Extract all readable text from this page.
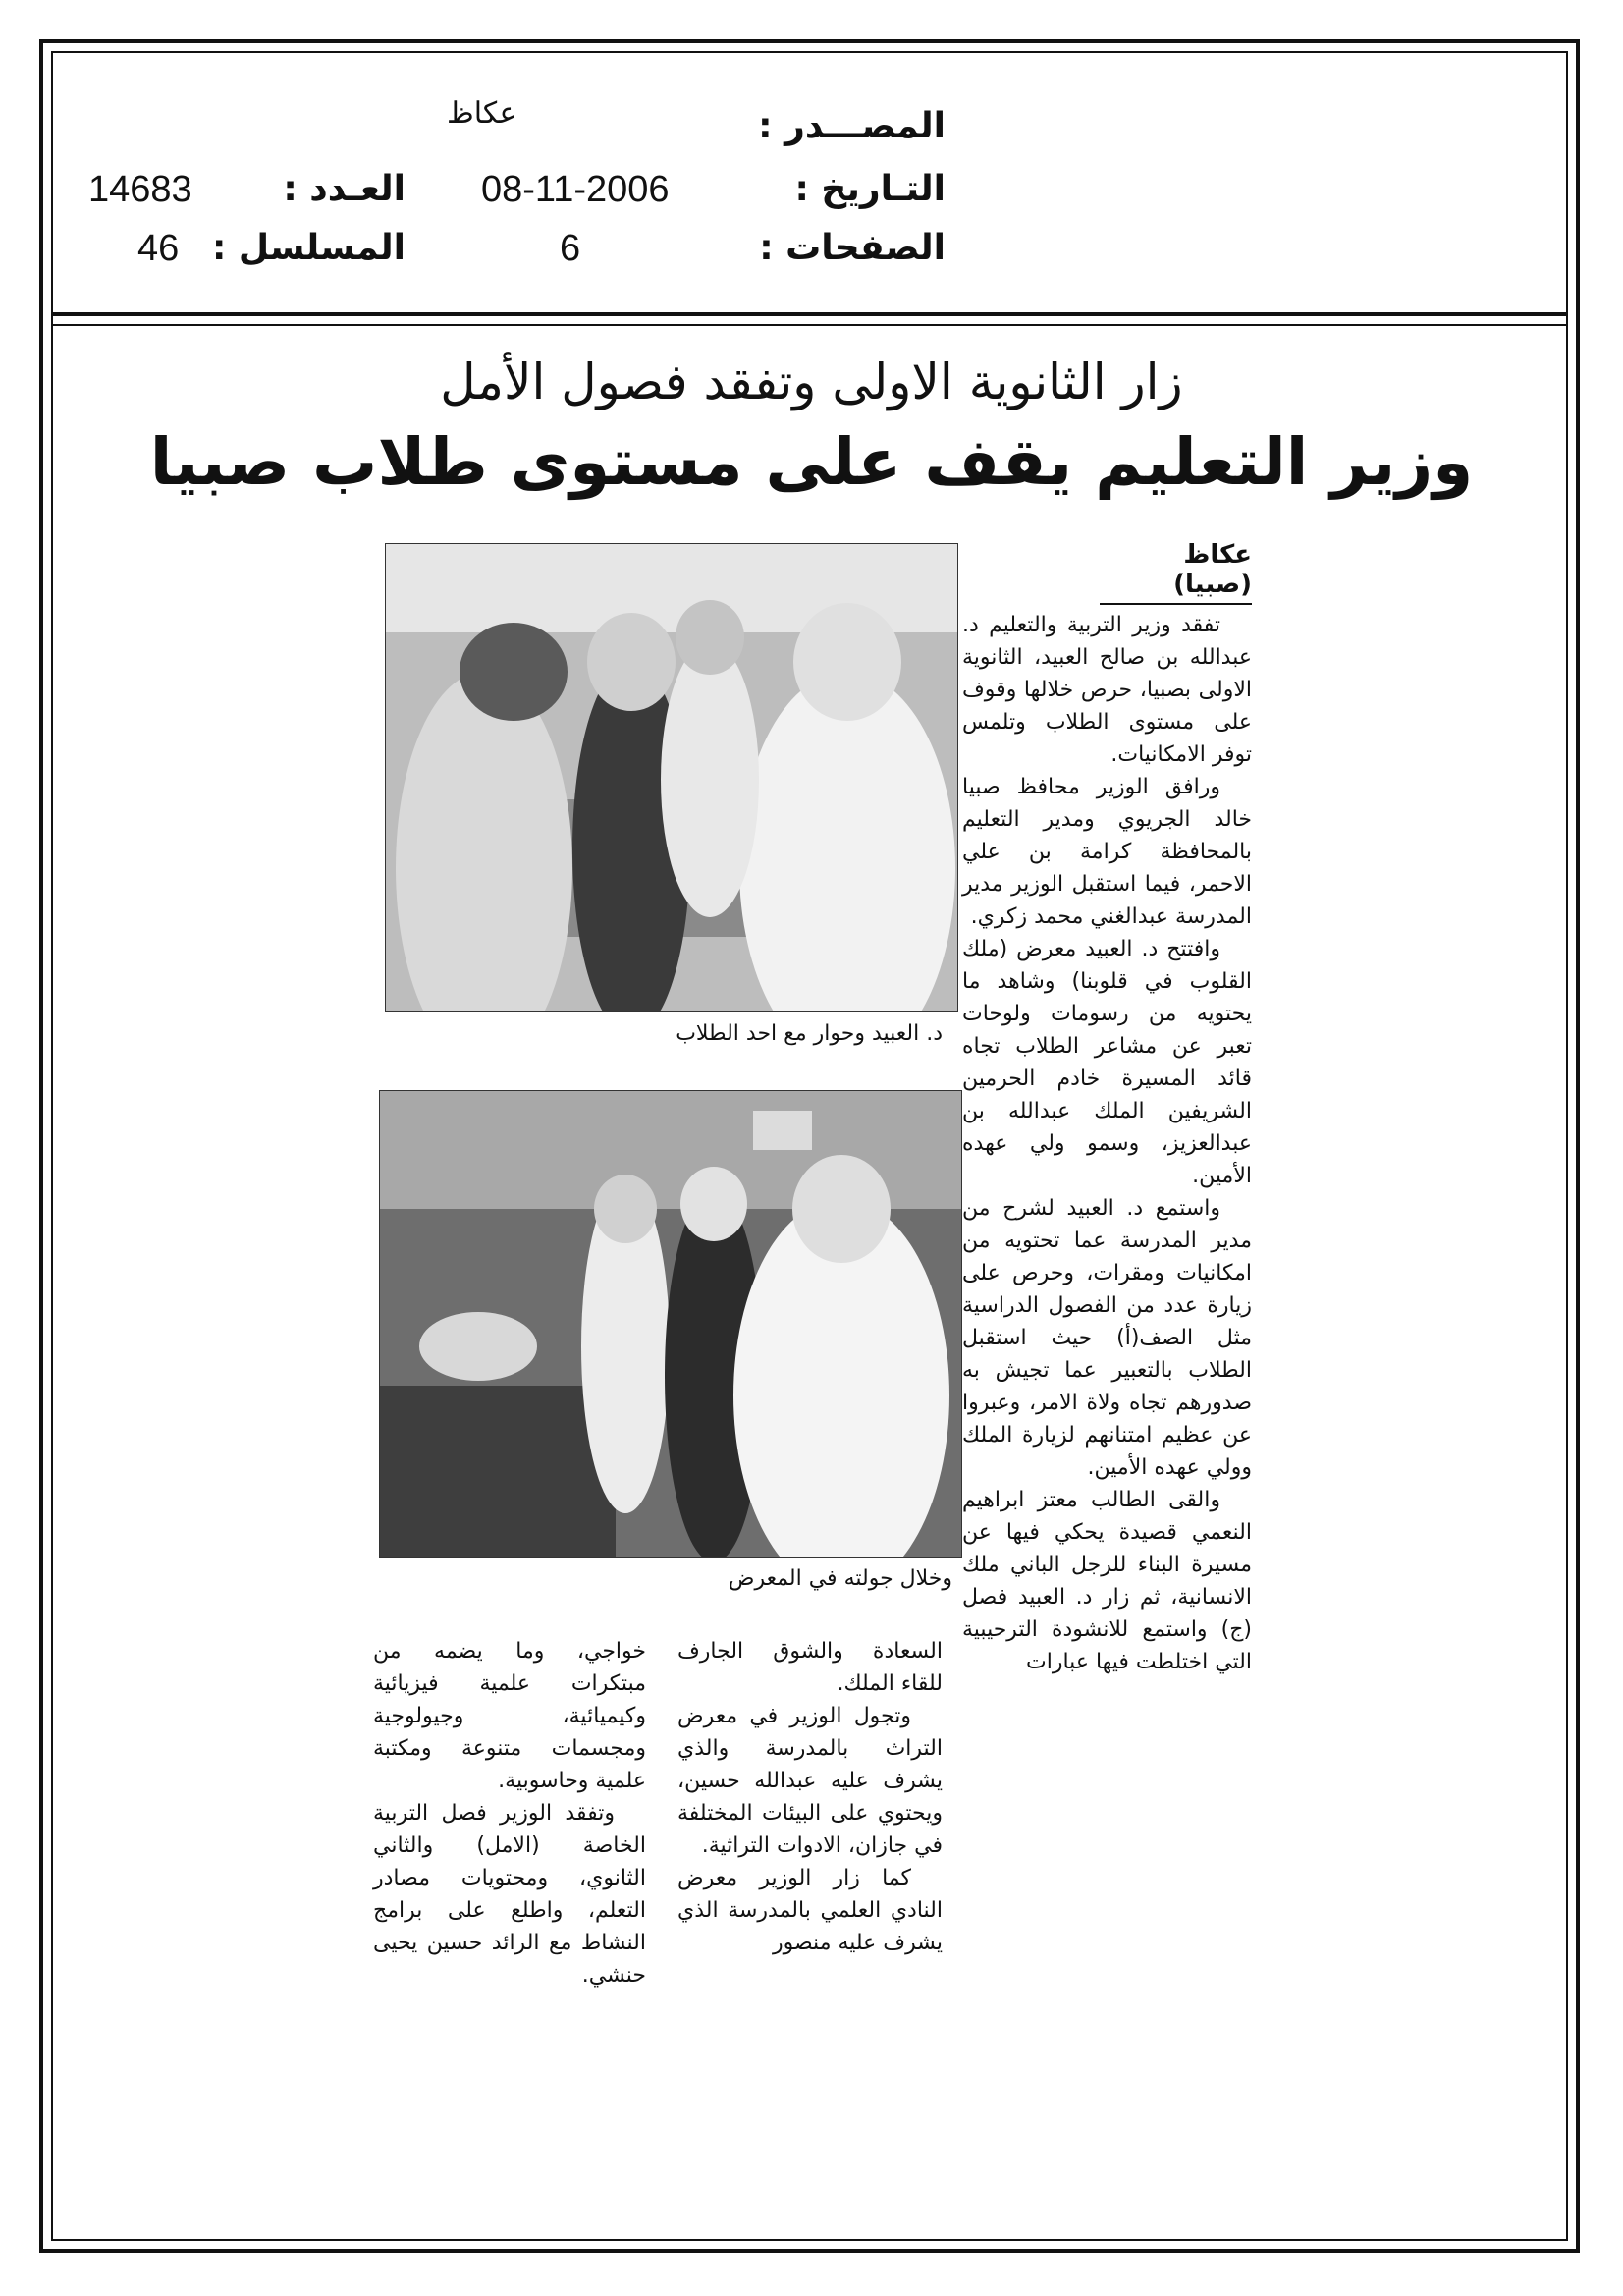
المصـــدر :
عكاظ
التـاريخ :
08-11-2006
العـدد :
14683
الصفحات :
6
المسلسل :
46
زار الثانوية الاولى وتفقد فصول الأمل
وزير التعليم يقف على مستوى طلاب صبيا
عكاظ (صبيا)

تفقد وزير التربية والتعليم د. عبدالله بن صالح العبيد، الثانوية الاولى بصبيا، حرص خلالها وقوف على مستوى الطلاب وتلمس توفر الامكانيات.

ورافق الوزير محافظ صبيا خالد الجريوي ومدير التعليم بالمحافظة كرامة بن علي الاحمر، فيما استقبل الوزير مدير المدرسة عبدالغني محمد زكري.

وافتتح د. العبيد معرض (ملك القلوب في قلوبنا) وشاهد ما يحتويه من رسومات ولوحات تعبر عن مشاعر الطلاب تجاه قائد المسيرة خادم الحرمين الشريفين الملك عبدالله بن عبدالعزيز، وسمو ولي عهده الأمين.

واستمع د. العبيد لشرح من مدير المدرسة عما تحتويه من امكانيات ومقرات، وحرص على زيارة عدد من الفصول الدراسية مثل الصف(أ) حيث استقبل الطلاب بالتعبير عما تجيش به صدورهم تجاه ولاة الامر، وعبروا عن عظيم امتنانهم لزيارة الملك وولي عهده الأمين.

والقى الطالب معتز ابراهيم النعمي قصيدة يحكي فيها عن مسيرة البناء للرجل الباني ملك الانسانية، ثم زار د. العبيد فصل (ج) واستمع للانشودة الترحيبية التي اختلطت فيها عبارات

د. العبيد وحوار مع احد الطلاب
وخلال جولته في المعرض

السعادة والشوق الجارف للقاء الملك.

وتجول الوزير في معرض التراث بالمدرسة والذي يشرف عليه عبدالله حسين، ويحتوي على البيئات المختلفة في جازان، الادوات التراثية.

كما زار الوزير معرض النادي العلمي بالمدرسة الذي يشرف عليه منصور

خواجي، وما يضمه من مبتكرات علمية فيزيائية وكيميائية، وجيولوجية ومجسمات متنوعة ومكتبة علمية وحاسوبية.

وتفقد الوزير فصل التربية الخاصة (الامل) والثاني الثانوي، ومحتويات مصادر التعلم، واطلع على برامج النشاط مع الرائد حسين يحيى حنشي.
